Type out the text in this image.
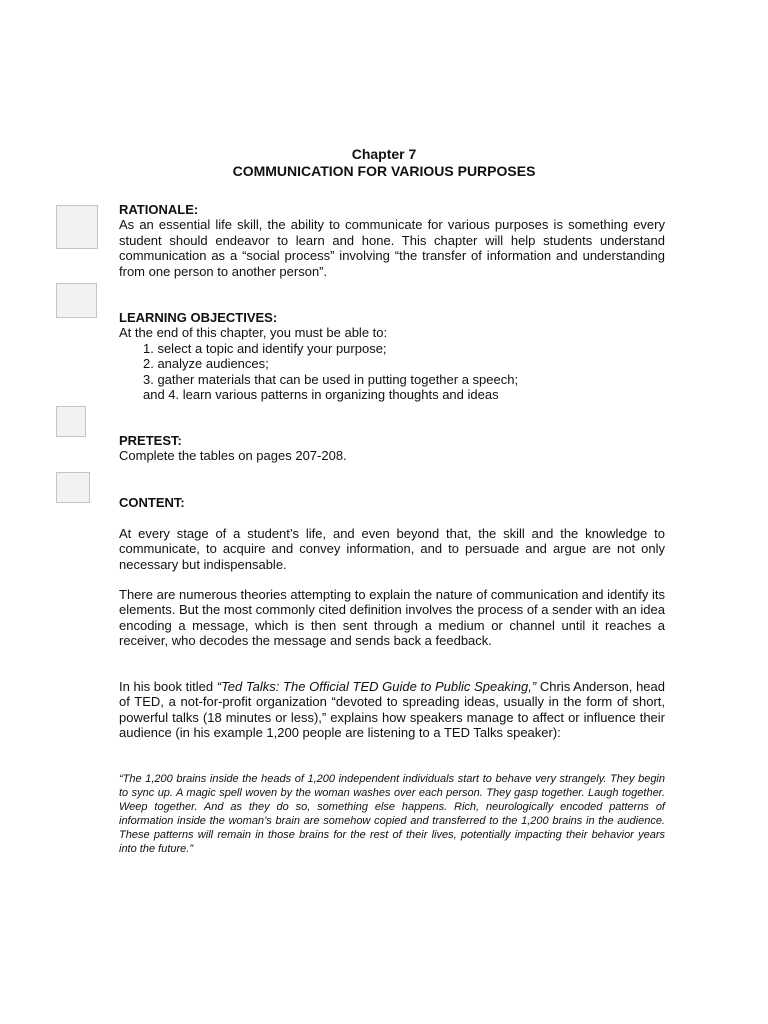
Chapter 7
COMMUNICATION FOR VARIOUS PURPOSES

RATIONALE:

As an essential life skill, the ability to communicate for various purposes is something every student should endeavor to learn and hone. This chapter will help students understand communication as a “social process” involving “the transfer of information and understanding from one person to another person”.

LEARNING OBJECTIVES:

At the end of this chapter, you must be able to:

1. select a topic and identify your purpose;

2. analyze audiences;

3. gather materials that can be used in putting together a speech;

and 4. learn various patterns in organizing thoughts and ideas

PRETEST:

Complete the tables on pages 207-208.

CONTENT:

At every stage of a student’s life, and even beyond that, the skill and the knowledge to communicate, to acquire and convey information, and to persuade and argue are not only necessary but indispensable.

There are numerous theories attempting to explain the nature of communication and identify its elements. But the most commonly cited definition involves the process of a sender with an idea encoding a message, which is then sent through a medium or channel until it reaches a receiver, who decodes the message and sends back a feedback.

In his book titled “Ted Talks: The Official TED Guide to Public Speaking,” Chris Anderson, head of TED, a not-for-profit organization “devoted to spreading ideas, usually in the form of short, powerful talks (18 minutes or less),” explains how speakers manage to affect or influence their audience (in his example 1,200 people are listening to a TED Talks speaker):

“The 1,200 brains inside the heads of 1,200 independent individuals start to behave very strangely. They begin to sync up. A magic spell woven by the woman washes over each person. They gasp together. Laugh together. Weep together. And as they do so, something else happens. Rich, neurologically encoded patterns of information inside the woman’s brain are somehow copied and transferred to the 1,200 brains in the audience. These patterns will remain in those brains for the rest of their lives, potentially impacting their behavior years into the future.”
